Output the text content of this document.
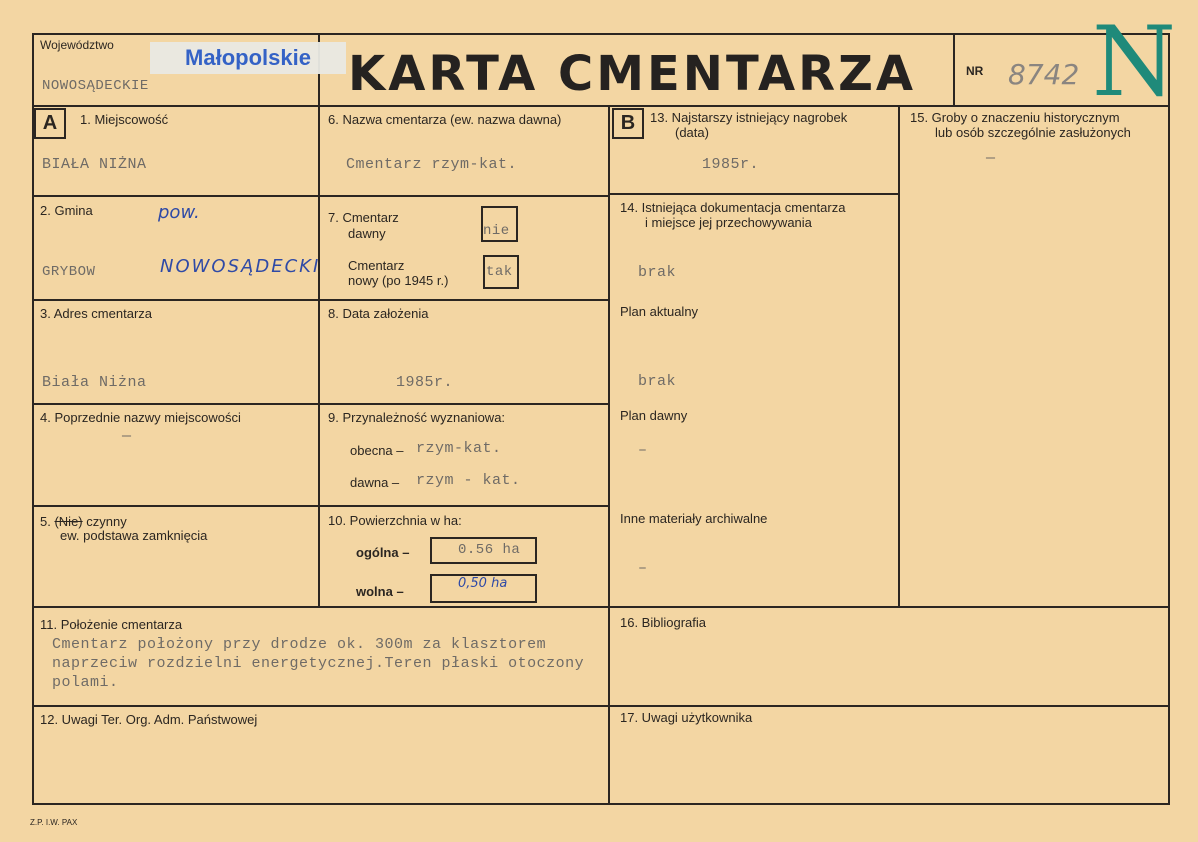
Województwo
NOWOSĄDECKIE
Małopolskie KARTA CMENTARZA	NR 8742 N
A	B
1. Miejscowość
BIAŁA NIŻNA
2. Gmina	pow.
GRYBOW	NOWOSĄDECKI
3. Adres cmentarza
Biała Niżna
4. Poprzednie nazwy miejscowości
—
5. (Nie) czynny
ew. podstawa zamknięcia
6. Nazwa cmentarza (ew. nazwa dawna)
Cmentarz rzym-kat.
7. Cmentarz
dawny	nie
Cmentarz
nowy (po 1945 r.)
tak
8. Data założenia
1985r.
9. Przynależność wyznaniowa:
obecna – rzym-kat.
dawna – rzym - kat.
10. Powierzchnia w ha:
ogólna –	0.56 ha
wolna –
0,50 ha
13. Najstarszy istniejący nagrobek
(data)
1985r.
14. Istniejąca dokumentacja cmentarza
i miejsce jej przechowywania
brak
Plan aktualny
brak
Plan dawny
–
Inne materiały archiwalne
–
15. Groby o znaczeniu historycznym
lub osób szczególnie zasłużonych
—
11. Położenie cmentarza
Cmentarz położony przy drodze ok. 300m za klasztorem
naprzeciw rozdzielni energetycznej.Teren płaski otoczony
polami.
16. Bibliografia
12. Uwagi Ter. Org. Adm. Państwowej	17. Uwagi użytkownika
Z.P. I.W. PAX
